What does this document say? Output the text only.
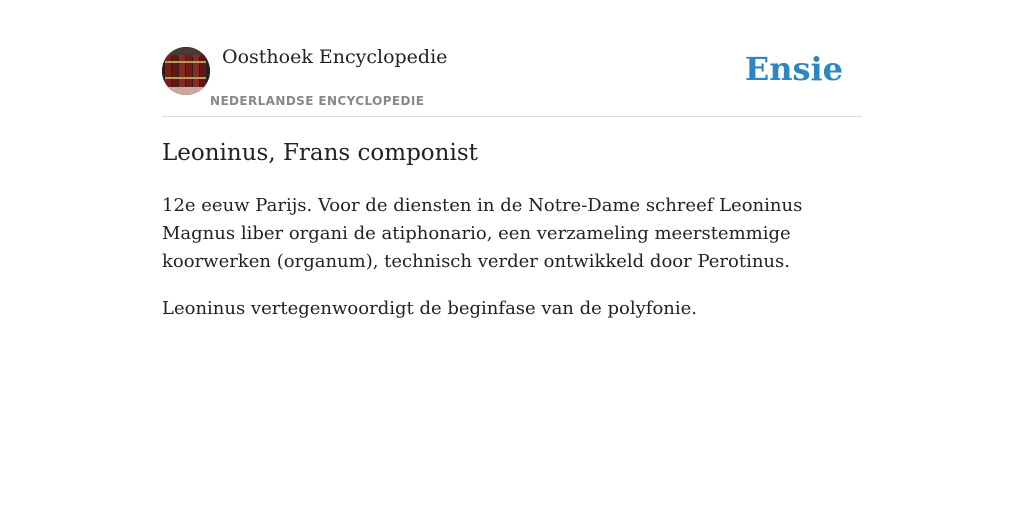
Oosthoek Encyclopedie
NEDERLANDSE ENCYCLOPEDIE
Ensie
Leoninus, Frans componist

12e eeuw Parijs. Voor de diensten in de Notre-Dame schreef Leoninus Magnus liber organi de atiphonario, een verzameling meerstemmige koorwerken (organum), technisch verder ontwikkeld door Perotinus.

Leoninus vertegenwoordigt de beginfase van de polyfonie.
